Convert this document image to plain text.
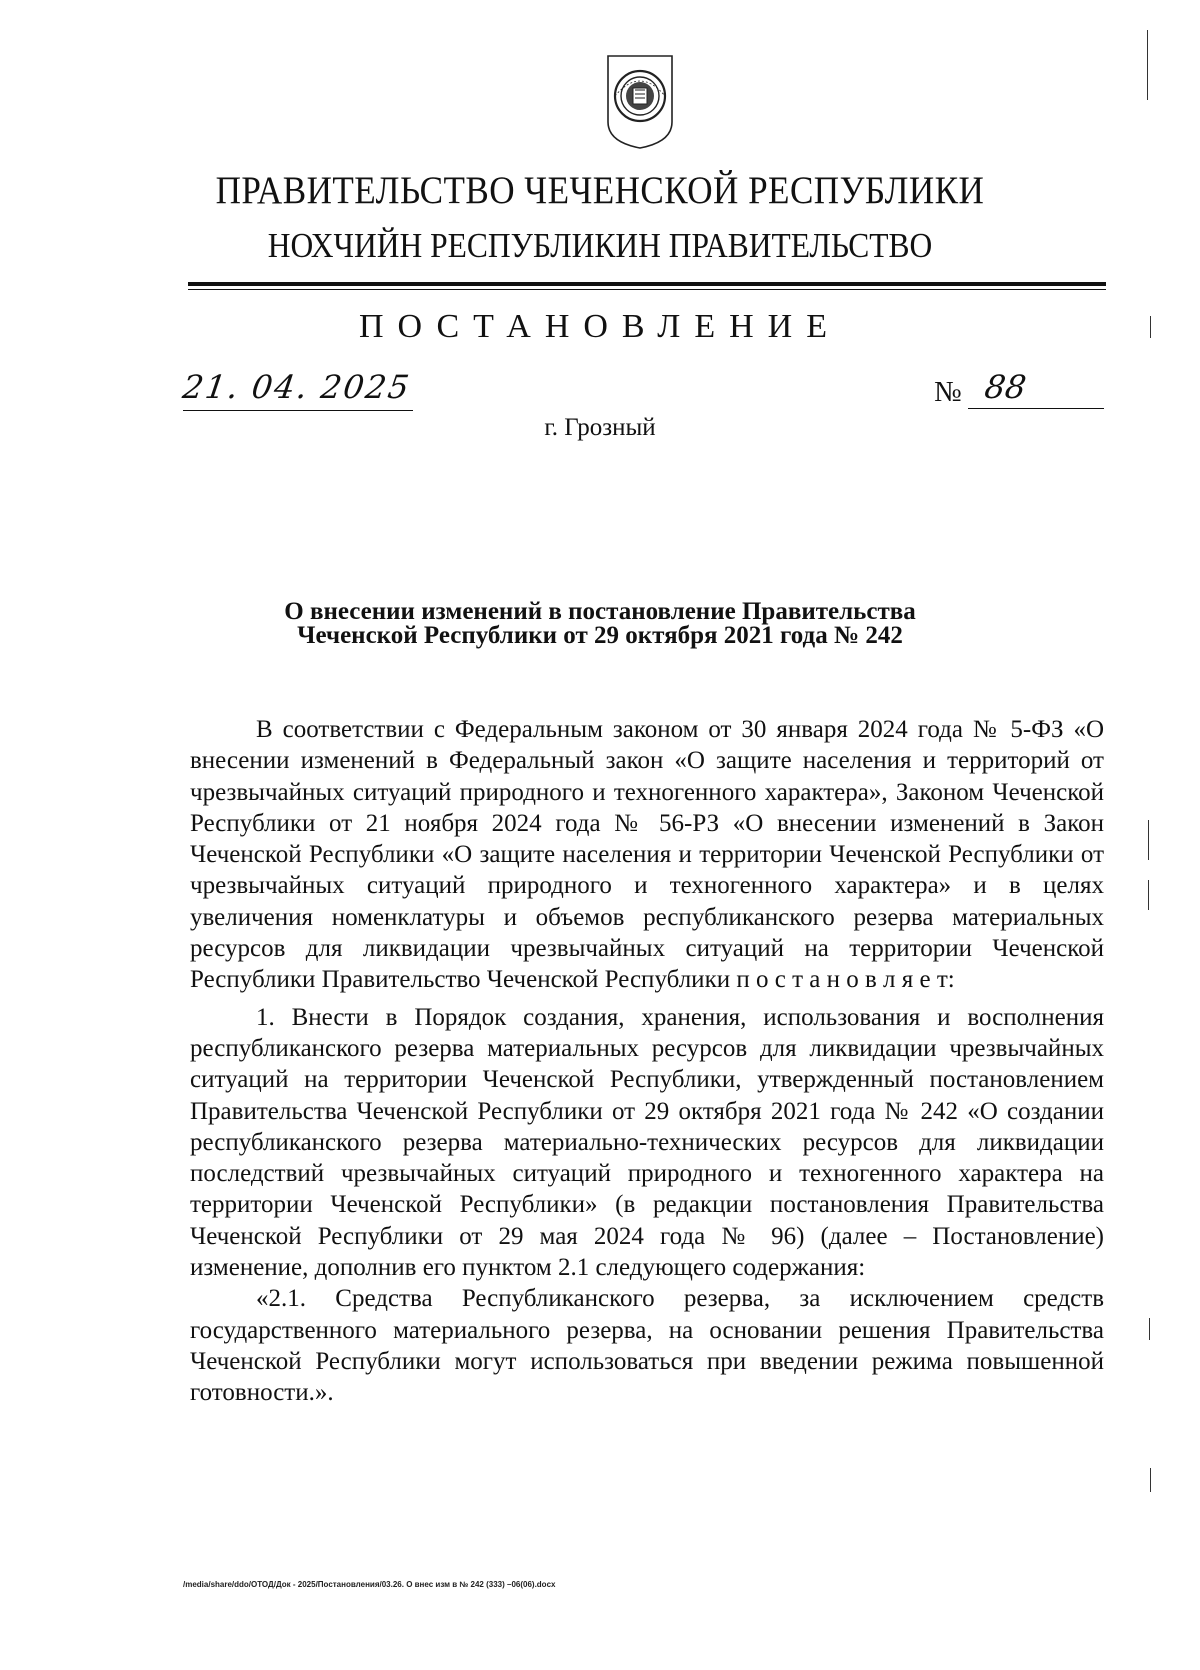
ПРАВИТЕЛЬСТВО ЧЕЧЕНСКОЙ РЕСПУБЛИКИ
НОХЧИЙН РЕСПУБЛИКИН ПРАВИТЕЛЬСТВО
ПОСТАНОВЛЕНИЕ
21. 04. 2025	№ 88
г. Грозный
О внесении изменений в постановление Правительства
Чеченской Республики от 29 октября 2021 года № 242

В соответствии с Федеральным законом от 30 января 2024 года № 5-ФЗ «О внесении изменений в Федеральный закон «О защите населения и территорий от чрезвычайных ситуаций природного и техногенного характера», Законом Чеченской Республики от 21 ноября 2024 года № 56-РЗ «О внесении изменений в Закон Чеченской Республики «О защите населения и территории Чеченской Республики от чрезвычайных ситуаций природного и техногенного характера» и в целях увеличения номенклатуры и объемов республиканского резерва материальных ресурсов для ликвидации чрезвычайных ситуаций на территории Чеченской Республики Правительство Чеченской Республики п о с т а н о в л я е т:

1. Внести в Порядок создания, хранения, использования и восполнения республиканского резерва материальных ресурсов для ликвидации чрезвычайных ситуаций на территории Чеченской Республики, утвержденный постановлением Правительства Чеченской Республики от 29 октября 2021 года № 242 «О создании республиканского резерва материально-технических ресурсов для ликвидации последствий чрезвычайных ситуаций природного и техногенного характера на территории Чеченской Республики» (в редакции постановления Правительства Чеченской Республики от 29 мая 2024 года № 96) (далее – Постановление) изменение, дополнив его пунктом 2.1 следующего содержания:

«2.1. Средства Республиканского резерва, за исключением средств государственного материального резерва, на основании решения Правительства Чеченской Республики могут использоваться при введении режима повышенной готовности.».

/media/share/ddo/ОТОД/Док - 2025/Постановления/03.26. О внес изм в № 242 (333) –06(06).docx
